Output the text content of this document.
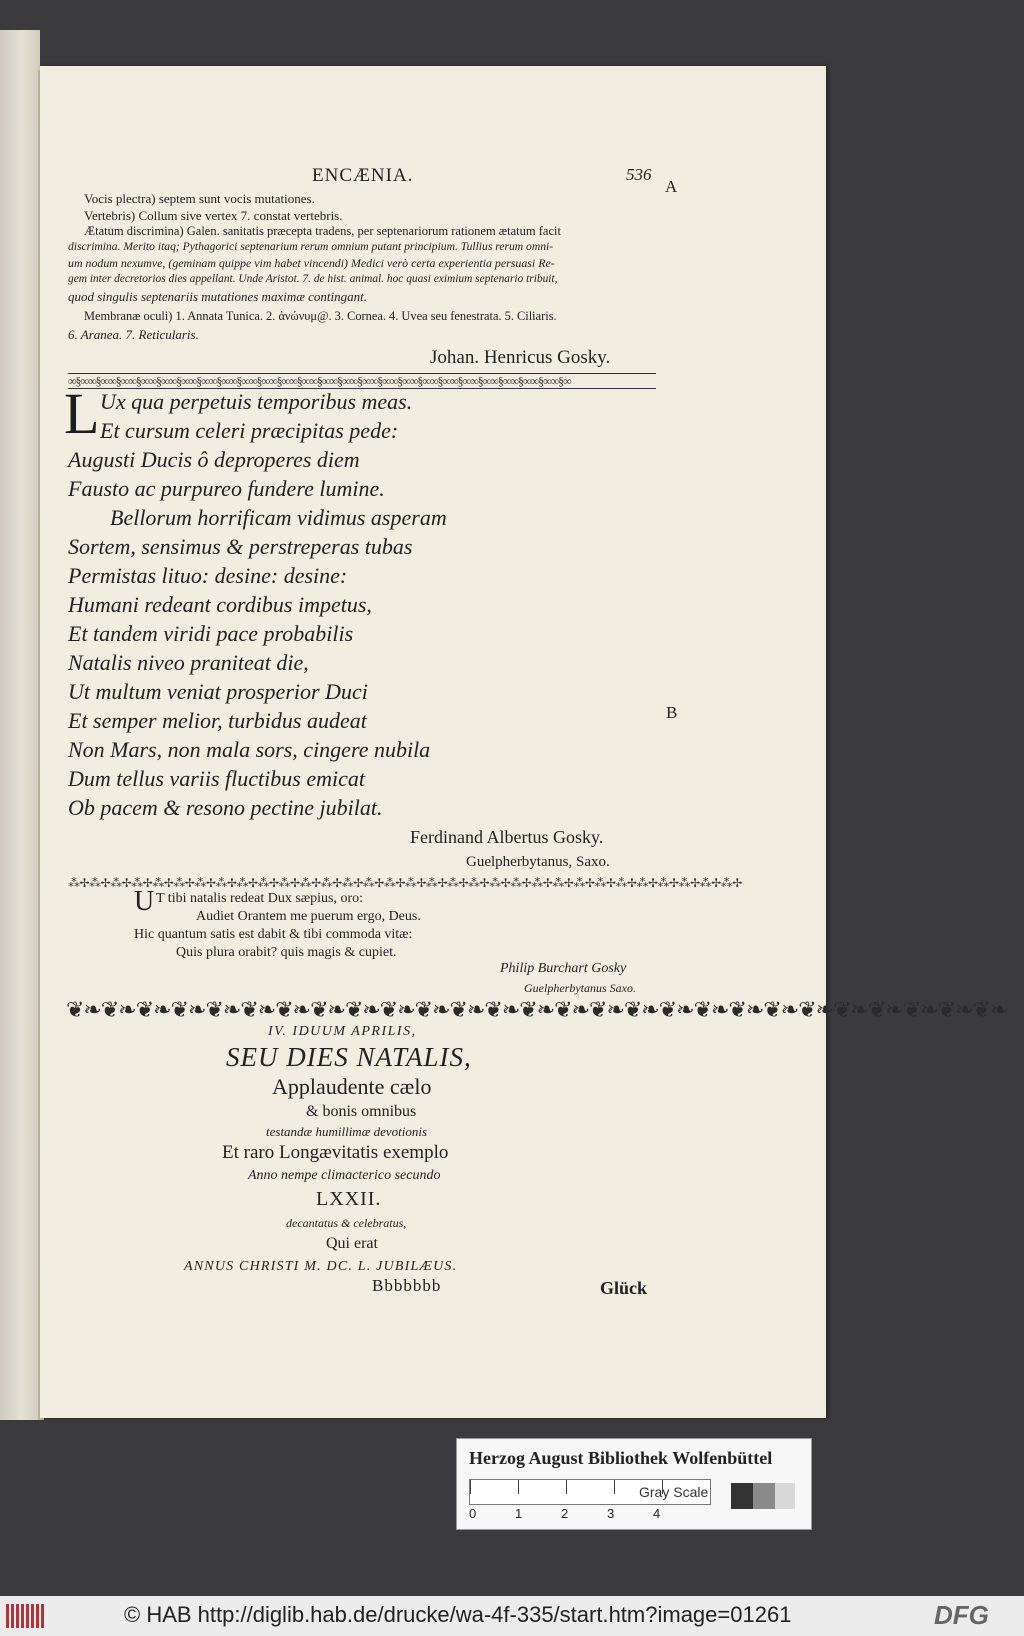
ENCÆNIA.	536
A
Vocis plectra) septem sunt vocis mutationes.
Vertebris) Collum sive vertex 7. constat vertebris.
Ætatum discrimina) Galen. sanitatis præcepta tradens, per septenariorum rationem ætatum facit
discrimina. Merito itaq; Pythagorici septenarium rerum omnium putant principium. Tullius rerum omni-
um nodum nexumve, (geminam quippe vim habet vincendi) Medici verò certa experientia persuasi Re-
gem inter decretorios dies appellant. Unde Aristot. 7. de hist. animal. hoc quasi eximium septenario tribuit,
quod singulis septenariis mutationes maximæ contingant.
Membranæ oculi) 1. Annata Tunica. 2. ἀνώνυμ@. 3. Cornea. 4. Uvea seu fenestrata. 5. Ciliaris.
6. Aranea. 7. Reticularis.
Johan. Henricus Gosky.
∞§∞∞§∞∞§∞∞§∞∞§∞∞§∞∞§∞∞§∞∞§∞∞§∞∞§∞∞§∞∞§∞∞§∞∞§∞∞§∞∞§∞∞§∞∞§∞∞§∞∞§∞∞§∞∞§∞∞§∞∞§∞
L Ux qua perpetuis temporibus meas.
Et cursum celeri præcipitas pede:
Augusti Ducis ô deproperes diem
Fausto ac purpureo fundere lumine.
Bellorum horrificam vidimus asperam
Sortem, sensimus & perstreperas tubas
Permistas lituo: desine: desine:
Humani redeant cordibus impetus,
Et tandem viridi pace probabilis
Natalis niveo praniteat die,
Ut multum veniat prosperior Duci
B
Et semper melior, turbidus audeat
Non Mars, non mala sors, cingere nubila
Dum tellus variis fluctibus emicat
Ob pacem & resono pectine jubilat.
Ferdinand Albertus Gosky.
Guelpherbytanus, Saxo.
⁂✢⁂✢⁂✢⁂✢⁂✢⁂✢⁂✢⁂✢⁂✢⁂✢⁂✢⁂✢⁂✢⁂✢⁂✢⁂✢⁂✢⁂✢⁂✢⁂✢⁂✢⁂✢⁂✢⁂✢⁂✢⁂✢⁂✢⁂✢⁂✢⁂✢⁂✢⁂✢
U T tibi natalis redeat Dux sæpius, oro:
Audiet Orantem me puerum ergo, Deus.
Hic quantum satis est dabit & tibi commoda vitæ:
Quis plura orabit? quis magis & cupiet.
Philip Burchart Gosky
Guelpherbytanus Saxo.
❦❧❦❧❦❧❦❧❦❧❦❧❦❧❦❧❦❧❦❧❦❧❦❧❦❧❦❧❦❧❦❧❦❧❦❧❦❧❦❧❦❧❦❧❦❧❦❧❦❧❦❧❦❧
IV. IDUUM APRILIS,
SEU DIES NATALIS,
Applaudente cælo
& bonis omnibus
testandæ humillimæ devotionis
Et raro Longævitatis exemplo
Anno nempe climacterico secundo
LXXII.
decantatus & celebratus,
Qui erat
ANNUS CHRISTI M. DC. L. JUBILÆUS.
Bbbbbbb	Glück
Herzog August Bibliothek Wolfenbüttel
0	1	2	3	4
Gray Scale
© HAB http://diglib.hab.de/drucke/wa-4f-335/start.htm?image=01261	DFG
